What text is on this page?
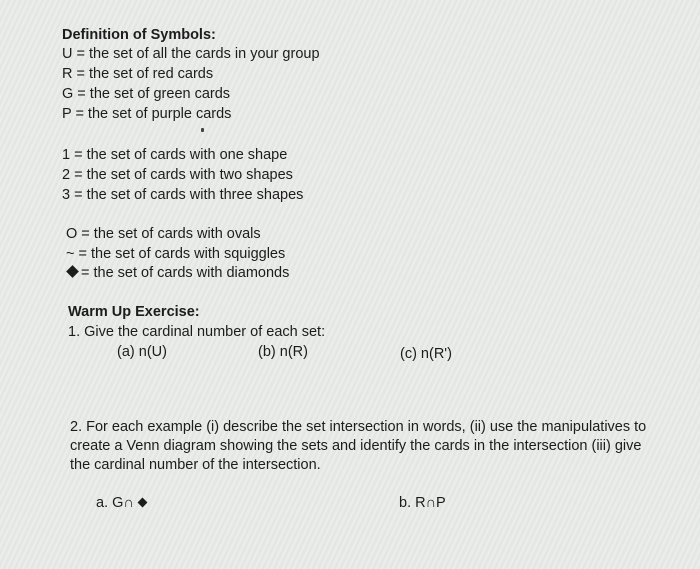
Definition of Symbols:
U = the set of all the cards in your group
R = the set of red cards
G = the set of green cards
P = the set of purple cards
1 = the set of cards with one shape
2 = the set of cards with two shapes
3 = the set of cards with three shapes
O = the set of cards with ovals
~ = the set of cards with squiggles
= the set of cards with diamonds
Warm Up Exercise:
1. Give the cardinal number of each set:
(a) n(U)	(b) n(R)	(c) n(R')
2. For each example (i) describe the set intersection in words, (ii) use the manipulatives to create a Venn diagram showing the sets and identify the cards in the intersection (iii) give the cardinal number of the intersection.
a. G∩	b. R∩P
